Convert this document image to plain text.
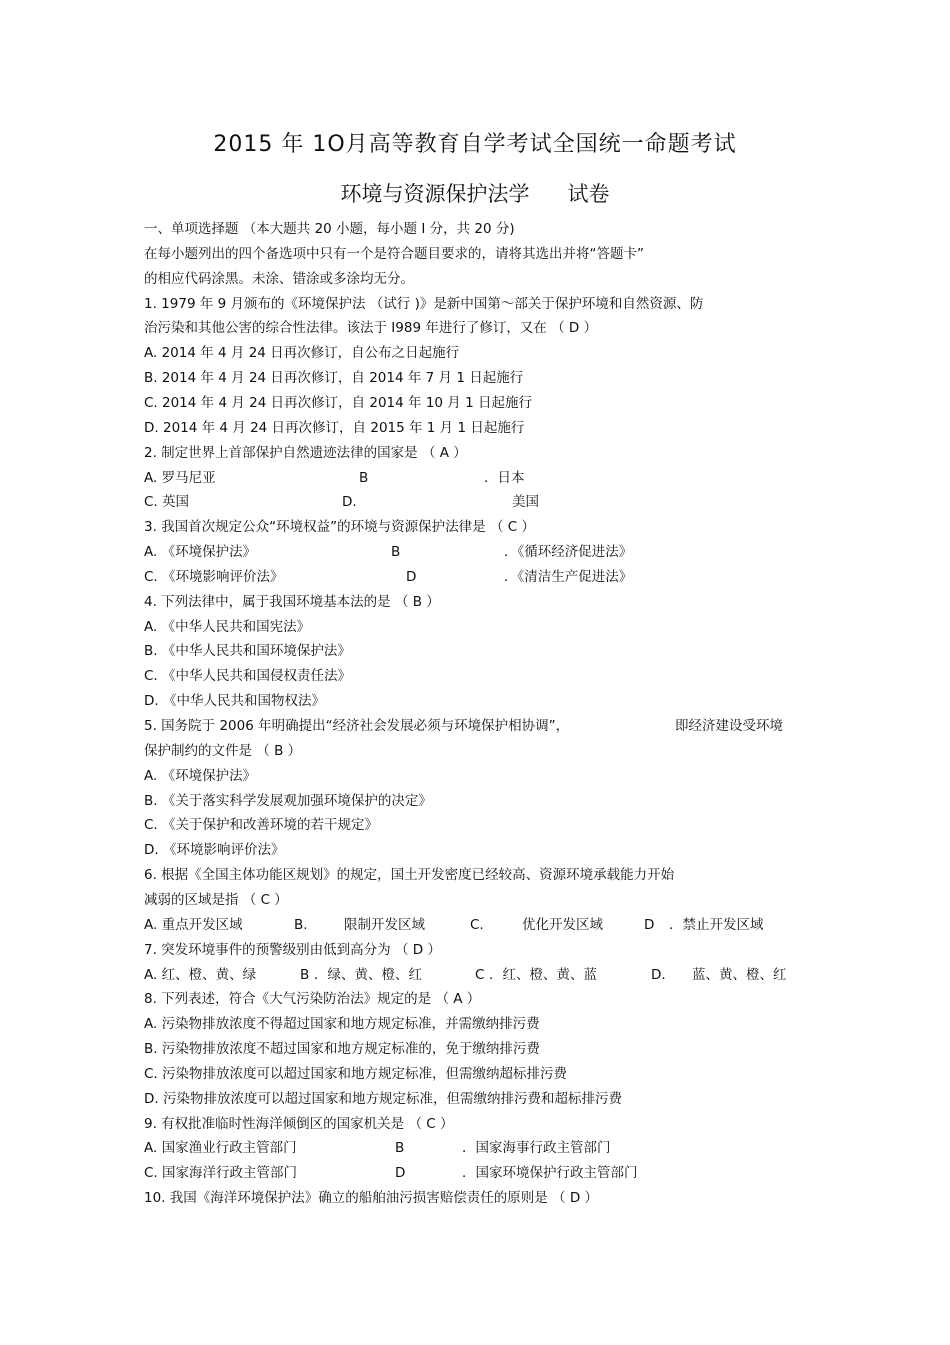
2015 年 1O月高等教育自学考试全国统一命题考试
环境与资源保护法学 试卷
一、单项选择题 （本大题共 20 小题，每小题 I 分，共 20 分)
在每小题列出的四个备选项中只有一个是符合题目要求的，请将其选出并将“答题卡”
的相应代码涂黑。未涂、错涂或多涂均无分。
1. 1979 年 9 月颁布的《环境保护法 （试行 )》是新中国第～部关于保护环境和自然资源、防
治污染和其他公害的综合性法律。该法于 I989 年进行了修订，又在 （ D ）
A. 2014 年 4 月 24 日再次修订，自公布之日起施行
B. 2014 年 4 月 24 日再次修订，自 2014 年 7 月 1 日起施行
C. 2014 年 4 月 24 日再次修订，自 2014 年 10 月 1 日起施行
D. 2014 年 4 月 24 日再次修订，自 2015 年 1 月 1 日起施行
2. 制定世界上首部保护自然遗迹法律的国家是 （ A ）
A. 罗马尼亚	B	．日本
C. 英国	D.	美国
3. 我国首次规定公众“环境权益”的环境与资源保护法律是 （ C ）
A. 《环境保护法》	B	．《循环经济促进法》
C. 《环境影响评价法》	D	．《清洁生产促进法》
4. 下列法律中，属于我国环境基本法的是 （ B ）
A. 《中华人民共和国宪法》
B. 《中华人民共和国环境保护法》
C. 《中华人民共和国侵权责任法》
D. 《中华人民共和国物权法》
5. 国务院于 2006 年明确提出“经济社会发展必须与环境保护相协调”，	即经济建设受环境
保护制约的文件是 （ B ）
A. 《环境保护法》
B. 《关于落实科学发展观加强环境保护的决定》
C. 《关于保护和改善环境的若干规定》
D. 《环境影响评价法》
6. 根据《全国主体功能区规划》的规定，国土开发密度已经较高、资源环境承载能力开始
减弱的区域是指 （ C ）
A. 重点开发区域	B.	限制开发区域	C.	优化开发区域	D ．禁止开发区域
7. 突发环境事件的预警级别由低到高分为 （ D ）
A. 红、橙、黄、绿	B ．绿、黄、橙、红	C ．红、橙、黄、蓝	D. 蓝、黄、橙、红
8. 下列表述，符合《大气污染防治法》规定的是 （ A ）
A. 污染物排放浓度不得超过国家和地方规定标准，并需缴纳排污费
B. 污染物排放浓度不超过国家和地方规定标准的，免于缴纳排污费
C. 污染物排放浓度可以超过国家和地方规定标准，但需缴纳超标排污费
D. 污染物排放浓度可以超过国家和地方规定标准，但需缴纳排污费和超标排污费
9. 有权批准临时性海洋倾倒区的国家机关是 （ C ）
A. 国家渔业行政主管部门	B	．国家海事行政主管部门
C. 国家海洋行政主管部门	D	．国家环境保护行政主管部门
10. 我国《海洋环境保护法》确立的船舶油污损害赔偿责任的原则是 （ D ）
